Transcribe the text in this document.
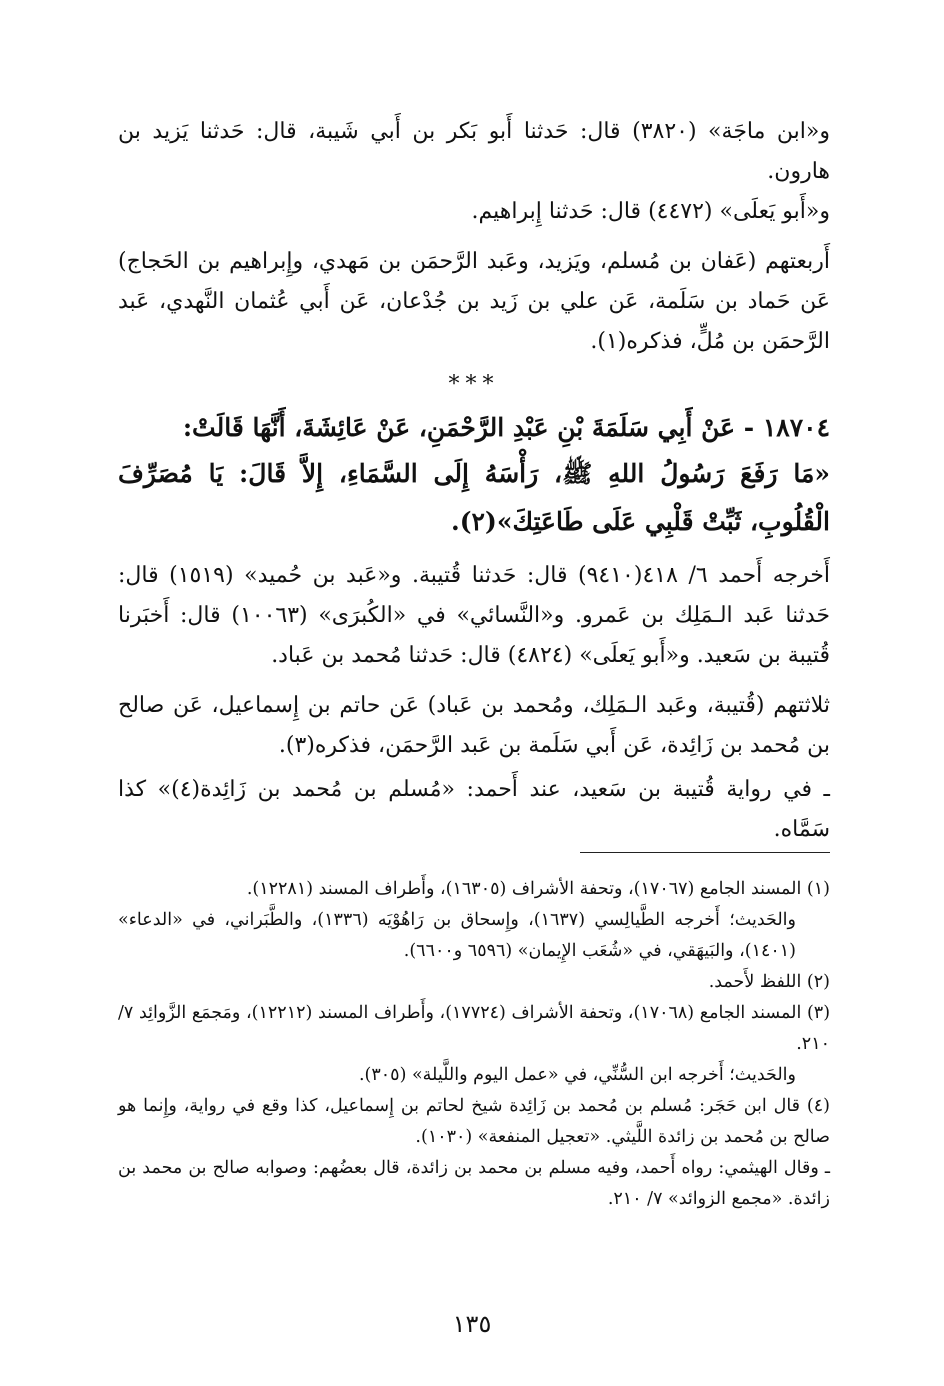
و«ابن ماجَة» (٣٨٢٠) قال: حَدثنا أَبو بَكر بن أَبي شَيبة، قال: حَدثنا يَزيد بن هارون.

و«أَبو يَعلَى» (٤٤٧٢) قال: حَدثنا إِبراهيم.

أَربعتهم (عَفان بن مُسلم، ويَزيد، وعَبد الرَّحمَن بن مَهدي، وإِبراهيم بن الحَجاج) عَن حَماد بن سَلَمة، عَن علي بن زَيد بن جُدْعان، عَن أَبي عُثمان النَّهدي، عَبد الرَّحمَن بن مُلٍّ، فذكره(١).

***

١٨٧٠٤ - عَنْ أَبِي سَلَمَةَ بْنِ عَبْدِ الرَّحْمَنِ، عَنْ عَائِشَةَ، أَنَّهَا قَالَتْ:

«مَا رَفَعَ رَسُولُ اللهِ ﷺ، رَأْسَهُ إِلَى السَّمَاءِ، إِلاَّ قَالَ: يَا مُصَرِّفَ الْقُلُوبِ، ثَبِّتْ قَلْبِي عَلَى طَاعَتِكَ»(٢).

أَخرجه أَحمد ٦/ ٤١٨(٩٤١٠) قال: حَدثنا قُتيبة. و«عَبد بن حُميد» (١٥١٩) قال: حَدثنا عَبد الـمَلِك بن عَمرو. و«النَّسائي» في «الكُبرَى» (١٠٠٦٣) قال: أَخبَرنا قُتيبة بن سَعيد. و«أَبو يَعلَى» (٤٨٢٤) قال: حَدثنا مُحمد بن عَباد.

ثلاثتهم (قُتيبة، وعَبد الـمَلِك، ومُحمد بن عَباد) عَن حاتم بن إِسماعيل، عَن صالح بن مُحمد بن زَائِدة، عَن أَبي سَلَمة بن عَبد الرَّحمَن، فذكره(٣).

ـ في رواية قُتيبة بن سَعيد، عند أَحمد: «مُسلم بن مُحمد بن زَائِدة(٤)» كذا سَمَّاه.

(١) المسند الجامع (١٧٠٦٧)، وتحفة الأشراف (١٦٣٠٥)، وأَطراف المسند (١٢٢٨١).

والحَديث؛ أَخرجه الطَّيالِسي (١٦٣٧)، وإِسحاق بن رَاهُوْيَه (١٣٣٦)، والطَّبَراني، في «الدعاء» (١٤٠١)، والبَيهَقي، في «شُعَب الإِيمان» (٦٥٩٦ و٦٦٠٠).

(٢) اللفظ لأَحمد.

(٣) المسند الجامع (١٧٠٦٨)، وتحفة الأشراف (١٧٧٢٤)، وأَطراف المسند (١٢٢١٢)، ومَجمَع الزَّوائِد ٧/ ٢١٠.

والحَديث؛ أَخرجه ابن السُّنِّي، في «عمل اليوم واللَّيلة» (٣٠٥).

(٤) قال ابن حَجَر: مُسلم بن مُحمد بن زَائِدة شيخ لحاتم بن إِسماعيل، كذا وقع في رواية، وإِنما هو صالح بن مُحمد بن زائدة اللَّيثي. «تعجيل المنفعة» (١٠٣٠).

ـ وقال الهيثمي: رواه أَحمد، وفيه مسلم بن محمد بن زائدة، قال بعضُهم: وصوابه صالح بن محمد بن زائدة. «مجمع الزوائد» ٧/ ٢١٠.

١٣٥
